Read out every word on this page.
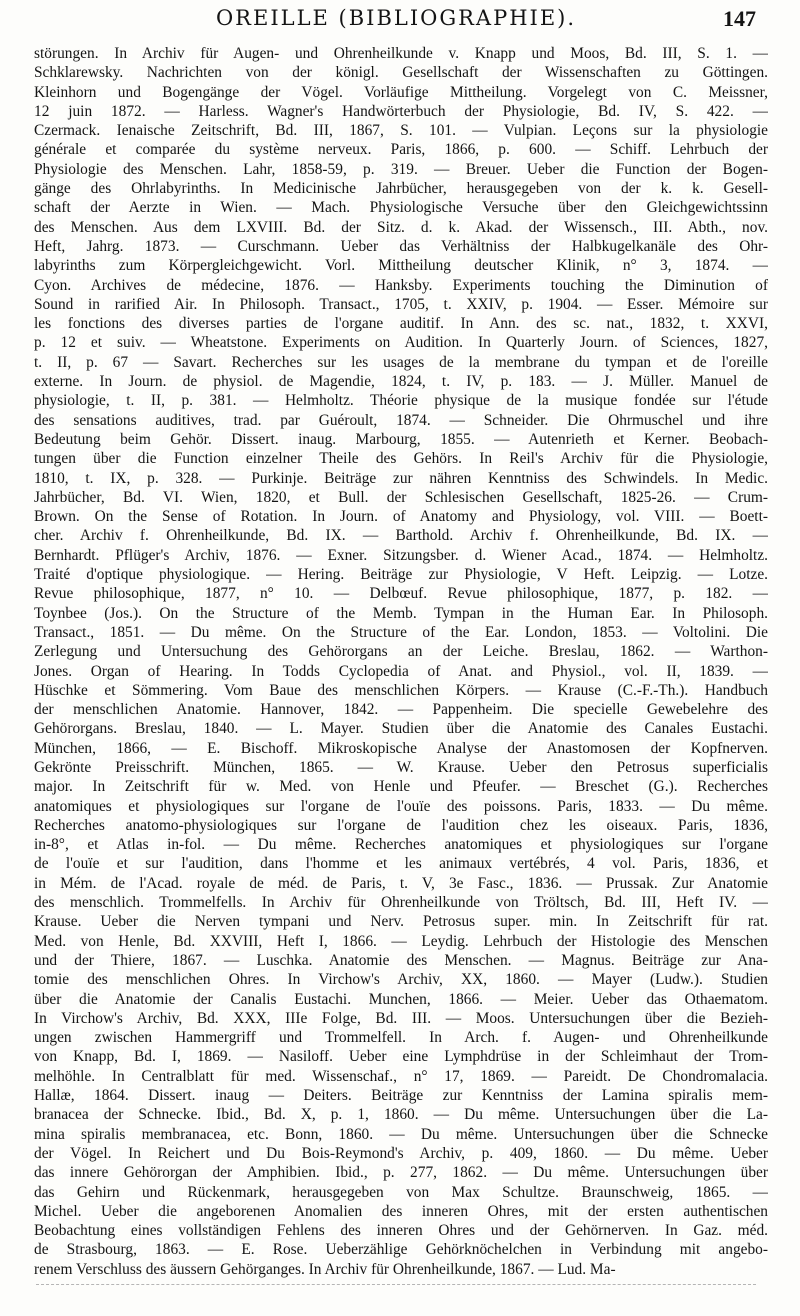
OREILLE (BIBLIOGRAPHIE).	147
störungen. In Archiv für Augen- und Ohrenheilkunde v. Knapp und Moos, Bd. III, S. 1. —
Schklarewsky. Nachrichten von der königl. Gesellschaft der Wissenschaften zu Göttingen.
Kleinhorn und Bogengänge der Vögel. Vorläufige Mittheilung. Vorgelegt von C. Meissner,
12 juin 1872. — Harless. Wagner's Handwörterbuch der Physiologie, Bd. IV, S. 422. —
Czermack. Ienaische Zeitschrift, Bd. III, 1867, S. 101. — Vulpian. Leçons sur la physiologie
générale et comparée du système nerveux. Paris, 1866, p. 600. — Schiff. Lehrbuch der
Physiologie des Menschen. Lahr, 1858-59, p. 319. — Breuer. Ueber die Function der Bogen-
gänge des Ohrlabyrinths. In Medicinische Jahrbücher, herausgegeben von der k. k. Gesell-
schaft der Aerzte in Wien. — Mach. Physiologische Versuche über den Gleichgewichtssinn
des Menschen. Aus dem LXVIII. Bd. der Sitz. d. k. Akad. der Wissensch., III. Abth., nov.
Heft, Jahrg. 1873. — Curschmann. Ueber das Verhältniss der Halbkugelkanäle des Ohr-
labyrinths zum Körpergleichgewicht. Vorl. Mittheilung deutscher Klinik, n° 3, 1874. —
Cyon. Archives de médecine, 1876. — Hanksby. Experiments touching the Diminution of
Sound in rarified Air. In Philosoph. Transact., 1705, t. XXIV, p. 1904. — Esser. Mémoire sur
les fonctions des diverses parties de l'organe auditif. In Ann. des sc. nat., 1832, t. XXVI,
p. 12 et suiv. — Wheatstone. Experiments on Audition. In Quarterly Journ. of Sciences, 1827,
t. II, p. 67 — Savart. Recherches sur les usages de la membrane du tympan et de l'oreille
externe. In Journ. de physiol. de Magendie, 1824, t. IV, p. 183. — J. Müller. Manuel de
physiologie, t. II, p. 381. — Helmholtz. Théorie physique de la musique fondée sur l'étude
des sensations auditives, trad. par Guéroult, 1874. — Schneider. Die Ohrmuschel und ihre
Bedeutung beim Gehör. Dissert. inaug. Marbourg, 1855. — Autenrieth et Kerner. Beobach-
tungen über die Function einzelner Theile des Gehörs. In Reil's Archiv für die Physiologie,
1810, t. IX, p. 328. — Purkinje. Beiträge zur nähren Kenntniss des Schwindels. In Medic.
Jahrbücher, Bd. VI. Wien, 1820, et Bull. der Schlesischen Gesellschaft, 1825-26. — Crum-
Brown. On the Sense of Rotation. In Journ. of Anatomy and Physiology, vol. VIII. — Boett-
cher. Archiv f. Ohrenheilkunde, Bd. IX. — Barthold. Archiv f. Ohrenheilkunde, Bd. IX. —
Bernhardt. Pflüger's Archiv, 1876. — Exner. Sitzungsber. d. Wiener Acad., 1874. — Helmholtz.
Traité d'optique physiologique. — Hering. Beiträge zur Physiologie, V Heft. Leipzig. — Lotze.
Revue philosophique, 1877, n° 10. — Delbœuf. Revue philosophique, 1877, p. 182. —
Toynbee (Jos.). On the Structure of the Memb. Tympan in the Human Ear. In Philosoph.
Transact., 1851. — Du même. On the Structure of the Ear. London, 1853. — Voltolini. Die
Zerlegung und Untersuchung des Gehörorgans an der Leiche. Breslau, 1862. — Warthon-
Jones. Organ of Hearing. In Todds Cyclopedia of Anat. and Physiol., vol. II, 1839. —
Hüschke et Sömmering. Vom Baue des menschlichen Körpers. — Krause (C.-F.-Th.). Handbuch
der menschlichen Anatomie. Hannover, 1842. — Pappenheim. Die specielle Gewebelehre des
Gehörorgans. Breslau, 1840. — L. Mayer. Studien über die Anatomie des Canales Eustachi.
München, 1866, — E. Bischoff. Mikroskopische Analyse der Anastomosen der Kopfnerven.
Gekrönte Preisschrift. München, 1865. — W. Krause. Ueber den Petrosus superficialis
major. In Zeitschrift für w. Med. von Henle und Pfeufer. — Breschet (G.). Recherches
anatomiques et physiologiques sur l'organe de l'ouïe des poissons. Paris, 1833. — Du même.
Recherches anatomo-physiologiques sur l'organe de l'audition chez les oiseaux. Paris, 1836,
in-8°, et Atlas in-fol. — Du même. Recherches anatomiques et physiologiques sur l'organe
de l'ouïe et sur l'audition, dans l'homme et les animaux vertébrés, 4 vol. Paris, 1836, et
in Mém. de l'Acad. royale de méd. de Paris, t. V, 3e Fasc., 1836. — Prussak. Zur Anatomie
des menschlich. Trommelfells. In Archiv für Ohrenheilkunde von Tröltsch, Bd. III, Heft IV. —
Krause. Ueber die Nerven tympani und Nerv. Petrosus super. min. In Zeitschrift für rat.
Med. von Henle, Bd. XXVIII, Heft I, 1866. — Leydig. Lehrbuch der Histologie des Menschen
und der Thiere, 1867. — Luschka. Anatomie des Menschen. — Magnus. Beiträge zur Ana-
tomie des menschlichen Ohres. In Virchow's Archiv, XX, 1860. — Mayer (Ludw.). Studien
über die Anatomie der Canalis Eustachi. Munchen, 1866. — Meier. Ueber das Othaematom.
In Virchow's Archiv, Bd. XXX, IIIe Folge, Bd. III. — Moos. Untersuchungen über die Bezieh-
ungen zwischen Hammergriff und Trommelfell. In Arch. f. Augen- und Ohrenheilkunde
von Knapp, Bd. I, 1869. — Nasiloff. Ueber eine Lymphdrüse in der Schleimhaut der Trom-
melhöhle. In Centralblatt für med. Wissenschaf., n° 17, 1869. — Pareidt. De Chondromalacia.
Hallæ, 1864. Dissert. inaug — Deiters. Beiträge zur Kenntniss der Lamina spiralis mem-
branacea der Schnecke. Ibid., Bd. X, p. 1, 1860. — Du même. Untersuchungen über die La-
mina spiralis membranacea, etc. Bonn, 1860. — Du même. Untersuchungen über die Schnecke
der Vögel. In Reichert und Du Bois-Reymond's Archiv, p. 409, 1860. — Du même. Ueber
das innere Gehörorgan der Amphibien. Ibid., p. 277, 1862. — Du même. Untersuchungen über
das Gehirn und Rückenmark, herausgegeben von Max Schultze. Braunschweig, 1865. —
Michel. Ueber die angeborenen Anomalien des inneren Ohres, mit der ersten authentischen
Beobachtung eines vollständigen Fehlens des inneren Ohres und der Gehörnerven. In Gaz. méd.
de Strasbourg, 1863. — E. Rose. Ueberzählige Gehörknöchelchen in Verbindung mit angebo-
renem Verschluss des äussern Gehörganges. In Archiv für Ohrenheilkunde, 1867. — Lud. Ma-
